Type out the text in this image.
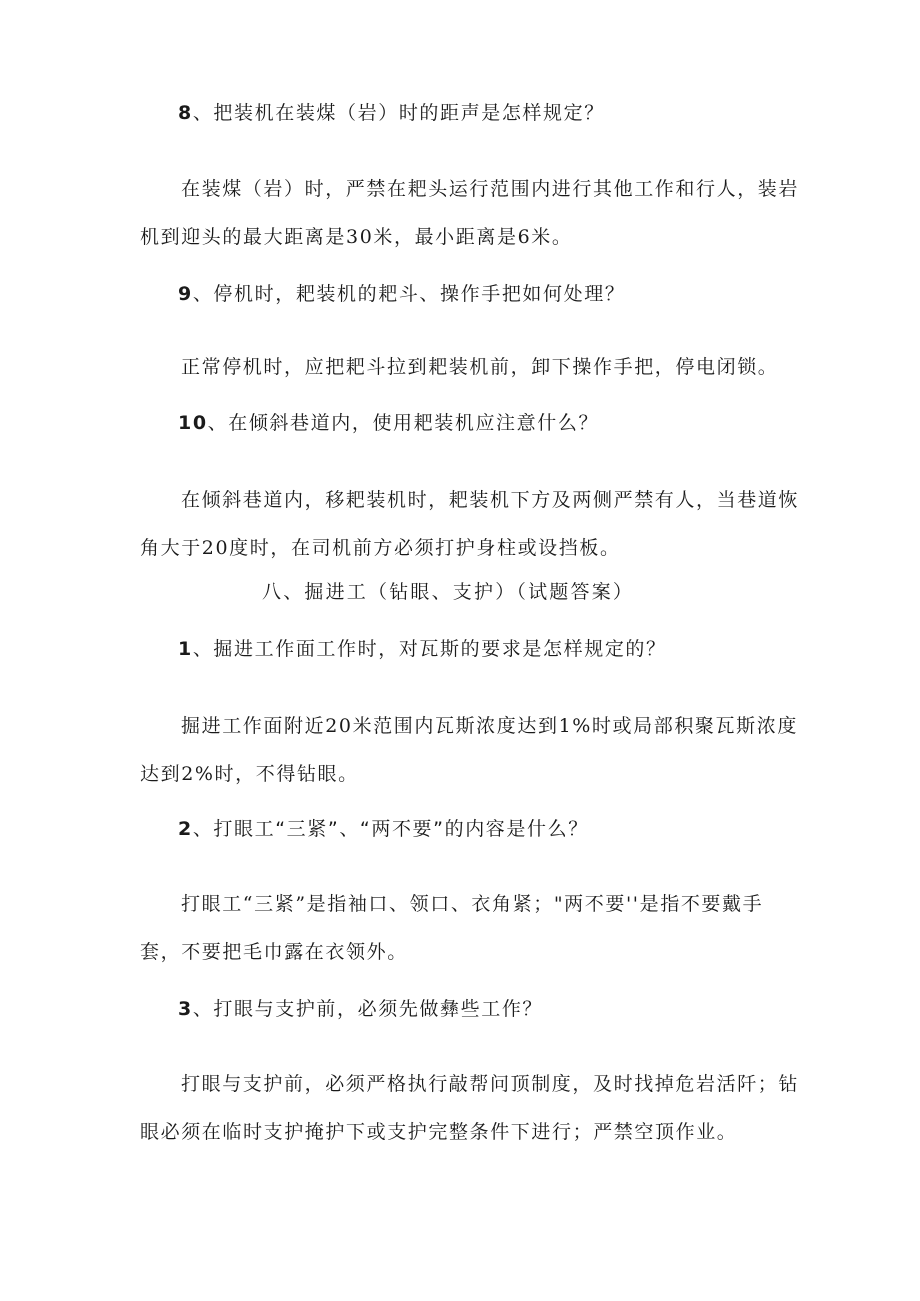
8、把装机在装煤（岩）时的距声是怎样规定？
在装煤（岩）时，严禁在耙头运行范围内进行其他工作和行人，装岩
机到迎头的最大距离是30米，最小距离是6米。
9、停机时，耙装机的耙斗、操作手把如何处理？
正常停机时，应把耙斗拉到耙装机前，卸下操作手把，停电闭锁。
10、在倾斜巷道内，使用耙装机应注意什么？
在倾斜巷道内，移耙装机时，耙装机下方及两侧严禁有人，当巷道恢
角大于20度时，在司机前方必须打护身柱或设挡板。
八、掘进工（钻眼、支护）（试题答案）
1、掘进工作面工作时，对瓦斯的要求是怎样规定的？
掘进工作面附近20米范围内瓦斯浓度达到1%时或局部积聚瓦斯浓度
达到2%时，不得钻眼。
2、打眼工“三紧”、“两不要”的内容是什么？
打眼工“三紧”是指袖口、领口、衣角紧；"两不要''是指不要戴手
套，不要把毛巾露在衣领外。
3、打眼与支护前，必须先做彝些工作？
打眼与支护前，必须严格执行敲帮问顶制度，及时找掉危岩活阡；钻
眼必须在临时支护掩护下或支护完整条件下进行；严禁空顶作业。
